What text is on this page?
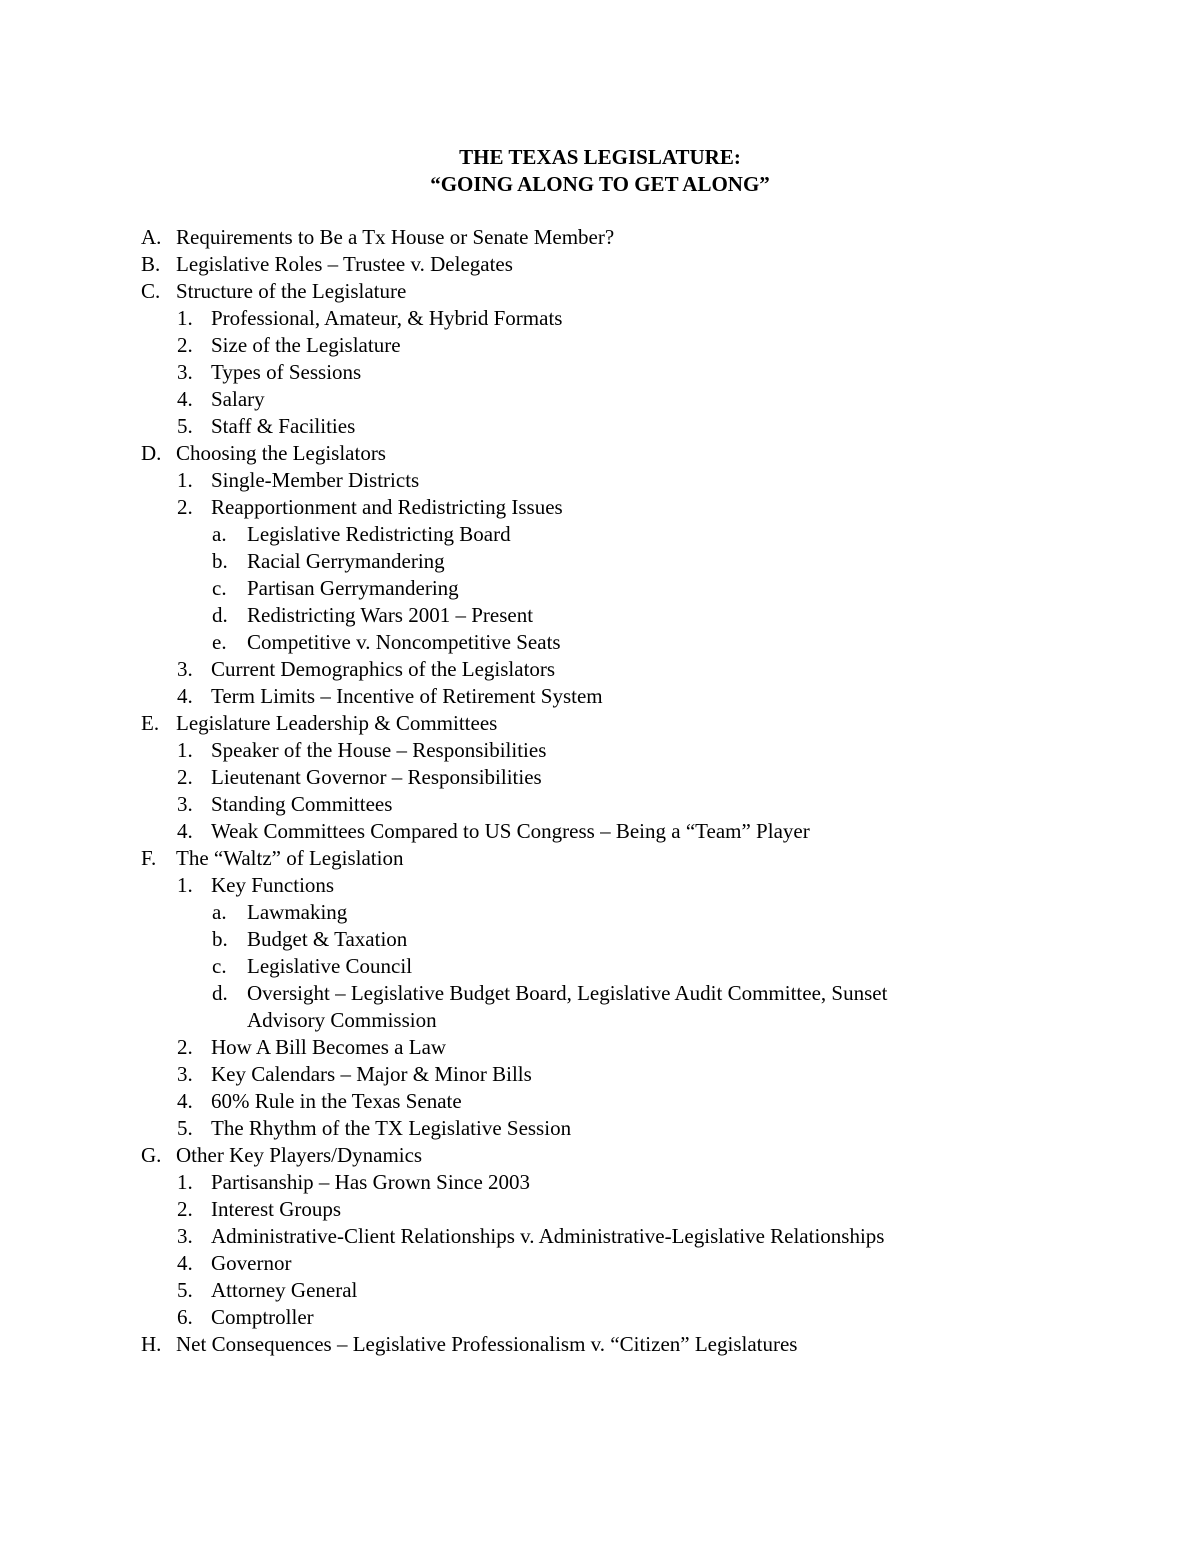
THE TEXAS LEGISLATURE:
“GOING ALONG TO GET ALONG”
A. Requirements to Be a Tx House or Senate Member?
B. Legislative Roles – Trustee v. Delegates
C. Structure of the Legislature
1. Professional, Amateur, & Hybrid Formats
2. Size of the Legislature
3. Types of Sessions
4. Salary
5. Staff & Facilities
D. Choosing the Legislators
1. Single-Member Districts
2. Reapportionment and Redistricting Issues
a. Legislative Redistricting Board
b. Racial Gerrymandering
c. Partisan Gerrymandering
d. Redistricting Wars 2001 – Present
e. Competitive v. Noncompetitive Seats
3. Current Demographics of the Legislators
4. Term Limits – Incentive of Retirement System
E. Legislature Leadership & Committees
1. Speaker of the House – Responsibilities
2. Lieutenant Governor – Responsibilities
3. Standing Committees
4. Weak Committees Compared to US Congress – Being a “Team” Player
F. The “Waltz” of Legislation
1. Key Functions
a. Lawmaking
b. Budget & Taxation
c. Legislative Council
d. Oversight – Legislative Budget Board, Legislative Audit Committee, Sunset
Advisory Commission
2. How A Bill Becomes a Law
3. Key Calendars – Major & Minor Bills
4. 60% Rule in the Texas Senate
5. The Rhythm of the TX Legislative Session
G. Other Key Players/Dynamics
1. Partisanship – Has Grown Since 2003
2. Interest Groups
3. Administrative-Client Relationships v. Administrative-Legislative Relationships
4. Governor
5. Attorney General
6. Comptroller
H. Net Consequences – Legislative Professionalism v. “Citizen” Legislatures
